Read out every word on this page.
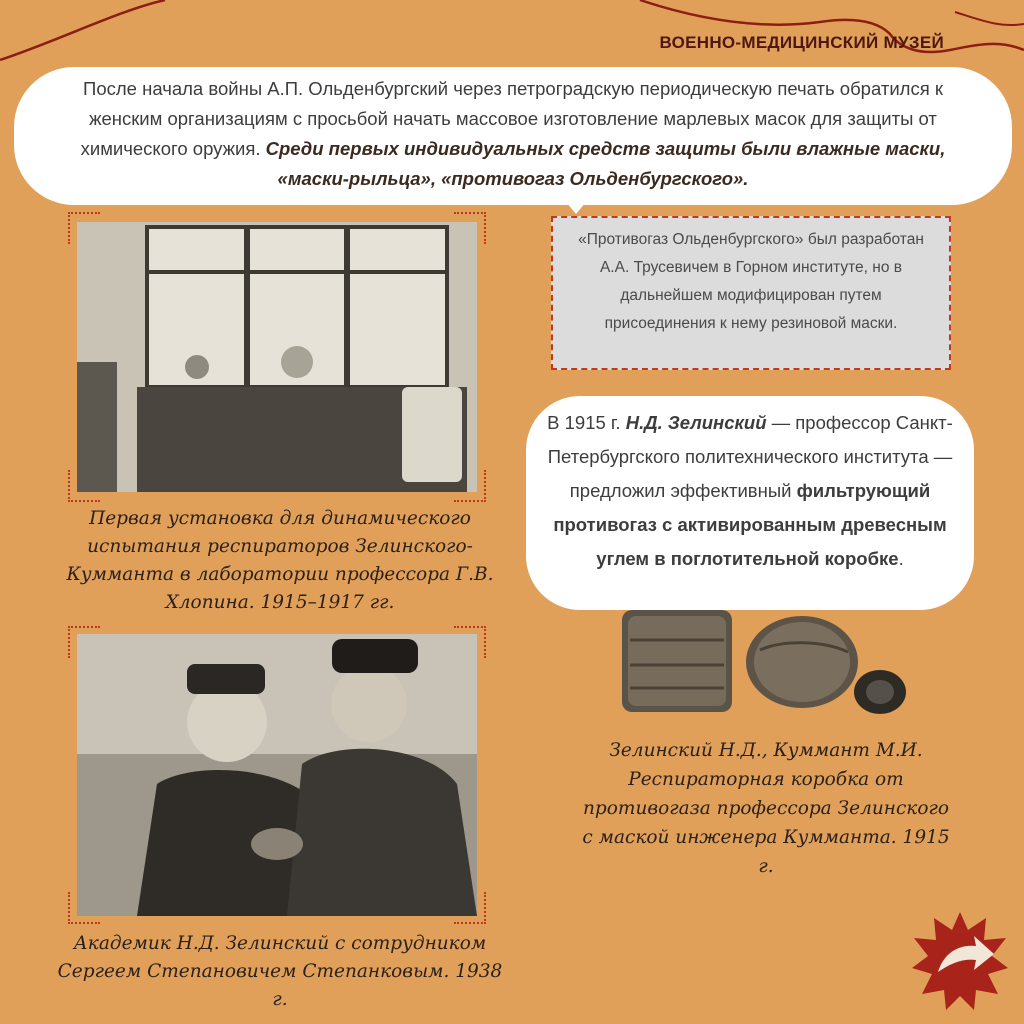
ВОЕННО-МЕДИЦИНСКИЙ МУЗЕЙ
После начала войны А.П. Ольденбургский через петроградскую периодическую печать обратился к женским организациям с просьбой начать массовое изготовление марлевых масок для защиты от химического оружия. Среди первых индивидуальных средств защиты были влажные маски, «маски-рыльца», «противогаз Ольденбургского».
Первая установка для динамического испытания респираторов Зелинского-Кумманта в лаборатории профессора Г.В. Хлопина. 1915–1917 гг.
«Противогаз Ольденбургского» был разработан А.А. Трусевичем в Горном институте, но в дальнейшем модифицирован путем присоединения к нему резиновой маски.
В 1915 г. Н.Д. Зелинский — профессор Санкт-Петербургского политехнического института — предложил эффективный фильтрующий противогаз с активированным древесным углем в поглотительной коробке.
Зелинский Н.Д., Куммант М.И. Респираторная коробка от противогаза профессора Зелинского с маской инженера Кумманта. 1915 г.
Академик Н.Д. Зелинский с сотрудником Сергеем Степановичем Степанковым. 1938 г.
